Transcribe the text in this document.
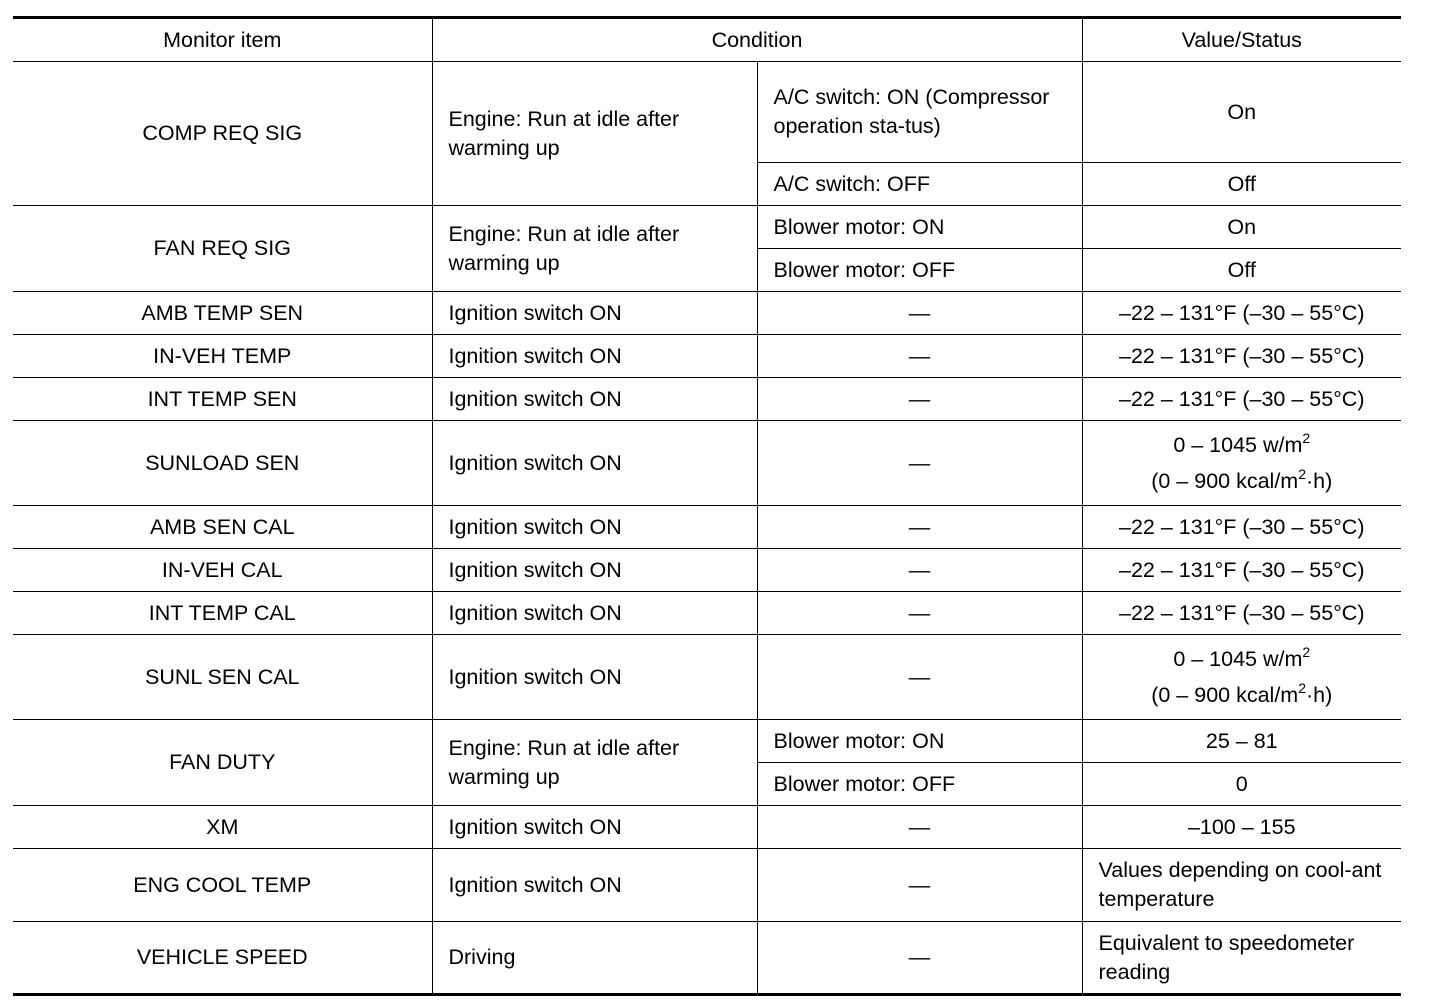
Monitor item	Condition		Value/Status
COMP REQ SIG	Engine: Run at idle after warming up	A/C switch: ON (Compressor operation sta-tus)	On
		A/C switch: OFF	Off
FAN REQ SIG	Engine: Run at idle after warming up	Blower motor: ON	On
		Blower motor: OFF	Off
AMB TEMP SEN	Ignition switch ON	—	–22 – 131°F (–30 – 55°C)
IN-VEH TEMP	Ignition switch ON	—	–22 – 131°F (–30 – 55°C)
INT TEMP SEN	Ignition switch ON	—	–22 – 131°F (–30 – 55°C)
SUNLOAD SEN	Ignition switch ON	—	0 – 1045 $w/m^2$
(0 – 900 kcal/$m^2\cdot h$)
AMB SEN CAL	Ignition switch ON	—	–22 – 131°F (–30 – 55°C)
IN-VEH CAL	Ignition switch ON	—	–22 – 131°F (–30 – 55°C)
INT TEMP CAL	Ignition switch ON	—	–22 – 131°F (–30 – 55°C)
SUNL SEN CAL	Ignition switch ON	—	0 – 1045 $w/m^2$
(0 – 900 kcal/$m^2\cdot h$)
FAN DUTY	Engine: Run at idle after warming up	Blower motor: ON	25 – 81
		Blower motor: OFF	0
XM	Ignition switch ON	—	–100 – 155
ENG COOL TEMP	Ignition switch ON	—	Values depending on cool-ant temperature
VEHICLE SPEED	Driving	—	Equivalent to speedometer reading
